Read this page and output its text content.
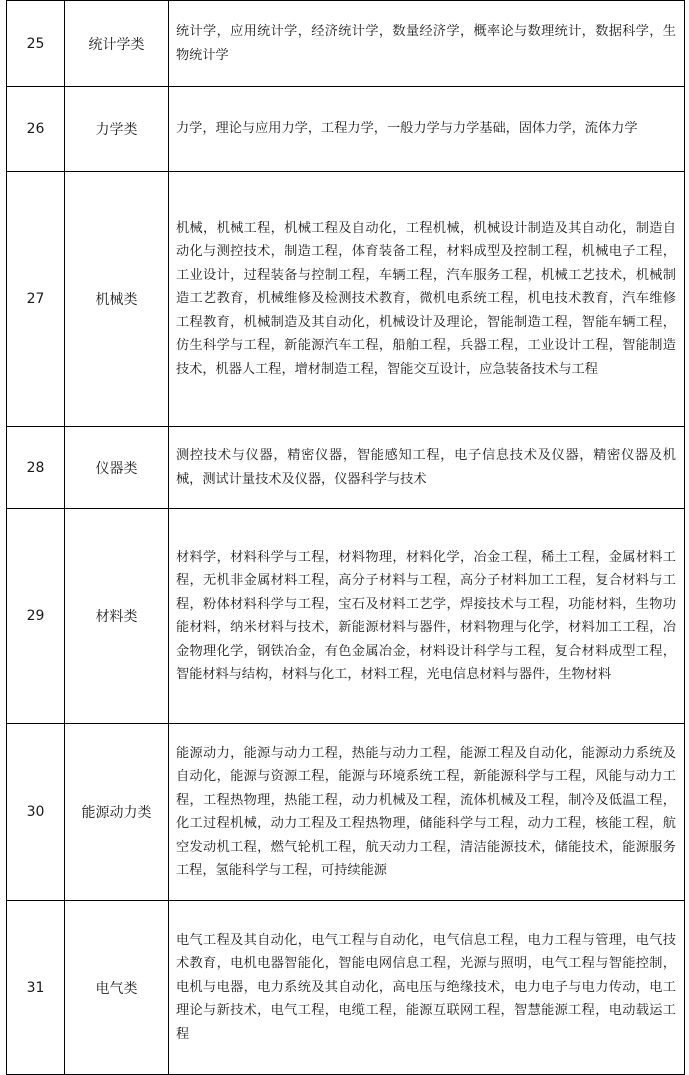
25	统计学类	统计学，应用统计学，经济统计学，数量经济学，概率论与数理统计，数据科学，生物统计学
26	力学类	力学，理论与应用力学，工程力学，一般力学与力学基础，固体力学，流体力学
27	机械类	机械，机械工程，机械工程及自动化，工程机械，机械设计制造及其自动化，制造自动化与测控技术，制造工程，体育装备工程，材料成型及控制工程，机械电子工程，工业设计，过程装备与控制工程，车辆工程，汽车服务工程，机械工艺技术，机械制造工艺教育，机械维修及检测技术教育，微机电系统工程，机电技术教育，汽车维修工程教育，机械制造及其自动化，机械设计及理论，智能制造工程，智能车辆工程，仿生科学与工程，新能源汽车工程，船舶工程，兵器工程，工业设计工程，智能制造技术，机器人工程，增材制造工程，智能交互设计，应急装备技术与工程
28	仪器类	测控技术与仪器，精密仪器，智能感知工程，电子信息技术及仪器，精密仪器及机械，测试计量技术及仪器，仪器科学与技术
29	材料类	材料学，材料科学与工程，材料物理，材料化学，冶金工程，稀土工程，金属材料工程，无机非金属材料工程，高分子材料与工程，高分子材料加工工程，复合材料与工程，粉体材料科学与工程，宝石及材料工艺学，焊接技术与工程，功能材料，生物功能材料，纳米材料与技术，新能源材料与器件，材料物理与化学，材料加工工程，冶金物理化学，钢铁冶金，有色金属冶金，材料设计科学与工程，复合材料成型工程，智能材料与结构，材料与化工，材料工程，光电信息材料与器件，生物材料
30	能源动力类	能源动力，能源与动力工程，热能与动力工程，能源工程及自动化，能源动力系统及自动化，能源与资源工程，能源与环境系统工程，新能源科学与工程，风能与动力工程，工程热物理，热能工程，动力机械及工程，流体机械及工程，制冷及低温工程，化工过程机械，动力工程及工程热物理，储能科学与工程，动力工程，核能工程，航空发动机工程，燃气轮机工程，航天动力工程，清洁能源技术，储能技术，能源服务工程，氢能科学与工程，可持续能源
31	电气类	电气工程及其自动化，电气工程与自动化，电气信息工程，电力工程与管理，电气技术教育，电机电器智能化，智能电网信息工程，光源与照明，电气工程与智能控制，电机与电器，电力系统及其自动化，高电压与绝缘技术，电力电子与电力传动，电工理论与新技术，电气工程，电缆工程，能源互联网工程，智慧能源工程，电动载运工程
